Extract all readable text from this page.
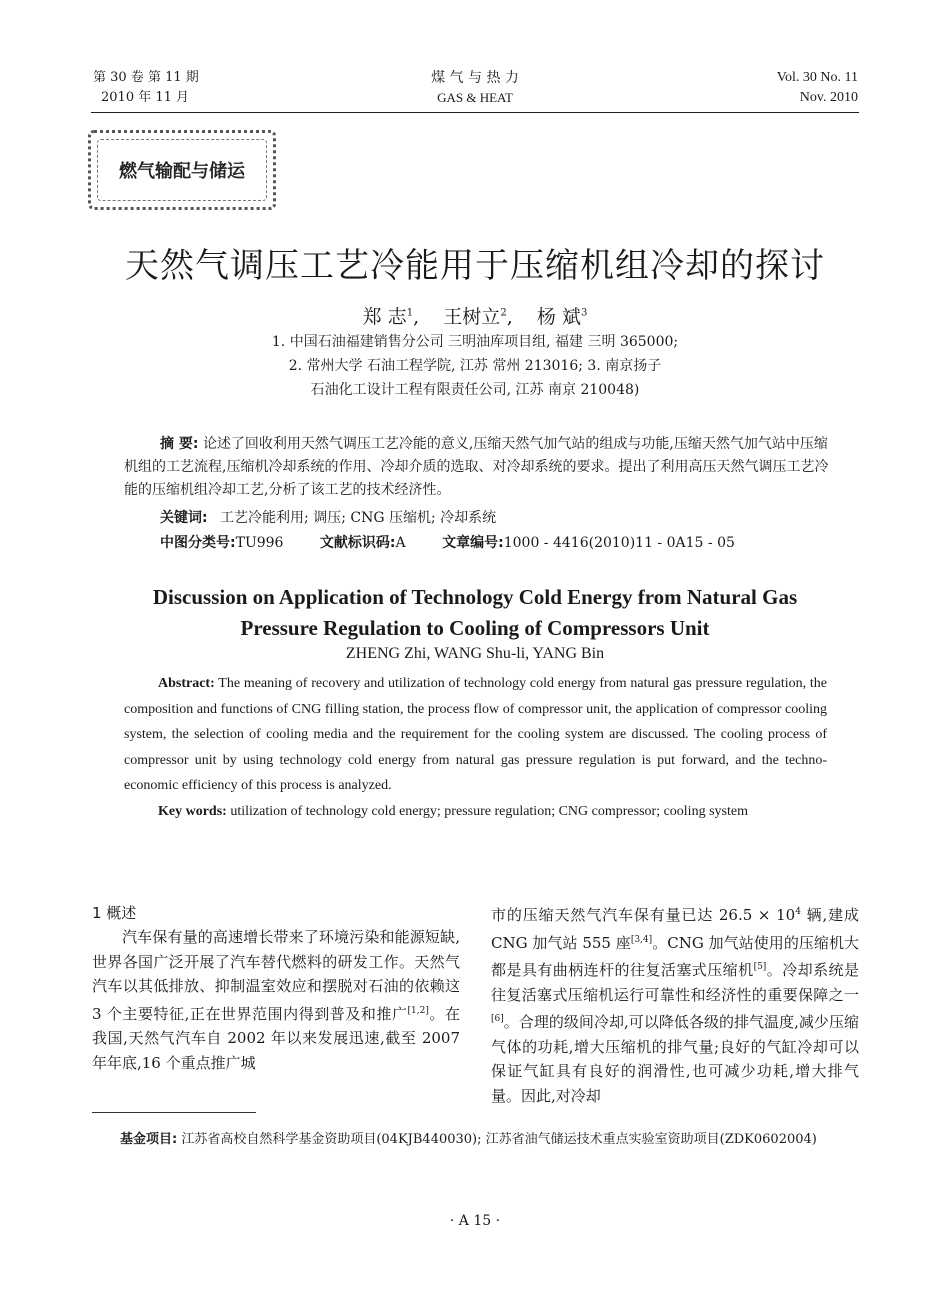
第 30 卷 第 11 期
2010 年 11 月
煤 气 与 热 力
GAS & HEAT
Vol. 30 No. 11
Nov. 2010
燃气输配与储运
天然气调压工艺冷能用于压缩机组冷却的探讨
郑 志$^1$,    王树立$^2$,    杨 斌$^3$
1. 中国石油福建销售分公司 三明油库项目组, 福建 三明 365000;
2. 常州大学 石油工程学院, 江苏 常州 213016; 3. 南京扬子
石油化工设计工程有限责任公司, 江苏 南京 210048)
摘 要: 论述了回收利用天然气调压工艺冷能的意义,压缩天然气加气站的组成与功能,压缩天然气加气站中压缩机组的工艺流程,压缩机冷却系统的作用、冷却介质的选取、对冷却系统的要求。提出了利用高压天然气调压工艺冷能的压缩机组冷却工艺,分析了该工艺的技术经济性。
关键词: 工艺冷能利用; 调压; CNG 压缩机; 冷却系统
中图分类号:TU996	文献标识码:A	文章编号:1000 - 4416(2010)11 - 0A15 - 05
Discussion on Application of Technology Cold Energy from Natural Gas
Pressure Regulation to Cooling of Compressors Unit
ZHENG Zhi, WANG Shu-li, YANG Bin
Abstract: The meaning of recovery and utilization of technology cold energy from natural gas pressure regulation, the composition and functions of CNG filling station, the process flow of compressor unit, the application of compressor cooling system, the selection of cooling media and the requirement for the cooling system are discussed. The cooling process of compressor unit by using technology cold energy from natural gas pressure regulation is put forward, and the techno-economic efficiency of this process is analyzed.
Key words: utilization of technology cold energy; pressure regulation; CNG compressor; cooling system
1 概述
汽车保有量的高速增长带来了环境污染和能源短缺,世界各国广泛开展了汽车替代燃料的研发工作。天然气汽车以其低排放、抑制温室效应和摆脱对石油的依赖这 3 个主要特征,正在世界范围内得到普及和推广[1,2]。在我国,天然气汽车自 2002 年以来发展迅速,截至 2007 年年底,16 个重点推广城
市的压缩天然气汽车保有量已达 $26.5 \times 10^4$ 辆,建成 CNG 加气站 555 座[3,4]。CNG 加气站使用的压缩机大都是具有曲柄连杆的往复活塞式压缩机[5]。冷却系统是往复活塞式压缩机运行可靠性和经济性的重要保障之一[6]。合理的级间冷却,可以降低各级的排气温度,减少压缩气体的功耗,增大压缩机的排气量;良好的气缸冷却可以保证气缸具有良好的润滑性,也可减少功耗,增大排气量。因此,对冷却
基金项目: 江苏省高校自然科学基金资助项目(04KJB440030); 江苏省油气储运技术重点实验室资助项目(ZDK0602004)
· A 15 ·
